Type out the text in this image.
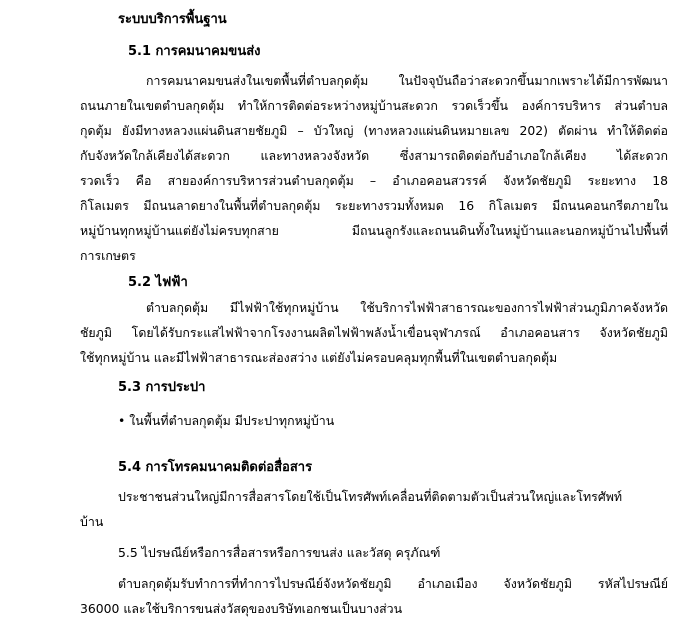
ระบบบริการพื้นฐาน
5.1 การคมนาคมขนส่ง
การคมนาคมขนส่งในเขตพื้นที่ตำบลกุดตุ้ม ในปัจจุบันถือว่าสะดวกขึ้นมากเพราะได้มีการพัฒนา
ถนนภายในเขตตำบลกุดตุ้ม ทำให้การติดต่อระหว่างหมู่บ้านสะดวก รวดเร็วขึ้น องค์การบริหาร ส่วนตำบล
กุดตุ้ม ยังมีทางหลวงแผ่นดินสายชัยภูมิ – บัวใหญ่ (ทางหลวงแผ่นดินหมายเลข 202) ตัดผ่าน ทำให้ติดต่อ
กับจังหวัดใกล้เคียงได้สะดวก และทางหลวงจังหวัด ซึ่งสามารถติดต่อกับอำเภอใกล้เคียง ได้สะดวก
รวดเร็ว คือ สายองค์การบริหารส่วนตำบลกุดตุ้ม – อำเภอคอนสวรรค์ จังหวัดชัยภูมิ ระยะทาง 18
กิโลเมตร มีถนนลาดยางในพื้นที่ตำบลกุดตุ้ม ระยะทางรวมทั้งหมด 16 กิโลเมตร มีถนนคอนกรีตภายใน
หมู่บ้านทุกหมู่บ้านแต่ยังไม่ครบทุกสาย มีถนนลูกรังและถนนดินทั้งในหมู่บ้านและนอกหมู่บ้านไปพื้นที่
การเกษตร
5.2 ไฟฟ้า
ตำบลกุดตุ้ม มีไฟฟ้าใช้ทุกหมู่บ้าน ใช้บริการไฟฟ้าสาธารณะของการไฟฟ้าส่วนภูมิภาคจังหวัด
ชัยภูมิ โดยได้รับกระแสไฟฟ้าจากโรงงานผลิตไฟฟ้าพลังน้ำเขื่อนจุฬาภรณ์ อำเภอคอนสาร จังหวัดชัยภูมิ
ใช้ทุกหมู่บ้าน และมีไฟฟ้าสาธารณะส่องสว่าง แต่ยังไม่ครอบคลุมทุกพื้นที่ในเขตตำบลกุดตุ้ม
5.3 การประปา
• ในพื้นที่ตำบลกุดตุ้ม มีประปาทุกหมู่บ้าน
5.4 การโทรคมนาคมติดต่อสื่อสาร
ประชาชนส่วนใหญ่มีการสื่อสารโดยใช้เป็นโทรศัพท์เคลื่อนที่ติดตามตัวเป็นส่วนใหญ่และโทรศัพท์
บ้าน
5.5 ไปรษณีย์หรือการสื่อสารหรือการขนส่ง และวัสดุ ครุภัณฑ์
ตำบลกุดตุ้มรับทำการที่ทำการไปรษณีย์จังหวัดชัยภูมิ อำเภอเมือง จังหวัดชัยภูมิ รหัสไปรษณีย์
36000 และใช้บริการขนส่งวัสดุของบริษัทเอกชนเป็นบางส่วน
